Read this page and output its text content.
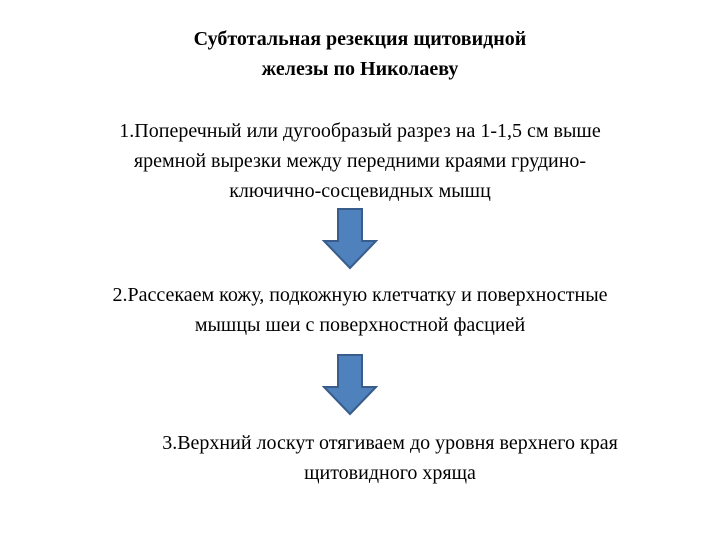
Субтотальная резекция щитовидной
железы по Николаеву
1.Поперечный или дугообразый разрез на 1-1,5 см выше
яремной вырезки между передними краями грудино-
ключично-сосцевидных мышц
2.Рассекаем кожу, подкожную клетчатку и поверхностные
мышцы шеи с поверхностной фасцией
3.Верхний лоскут отягиваем до уровня верхнего края
щитовидного хряща
